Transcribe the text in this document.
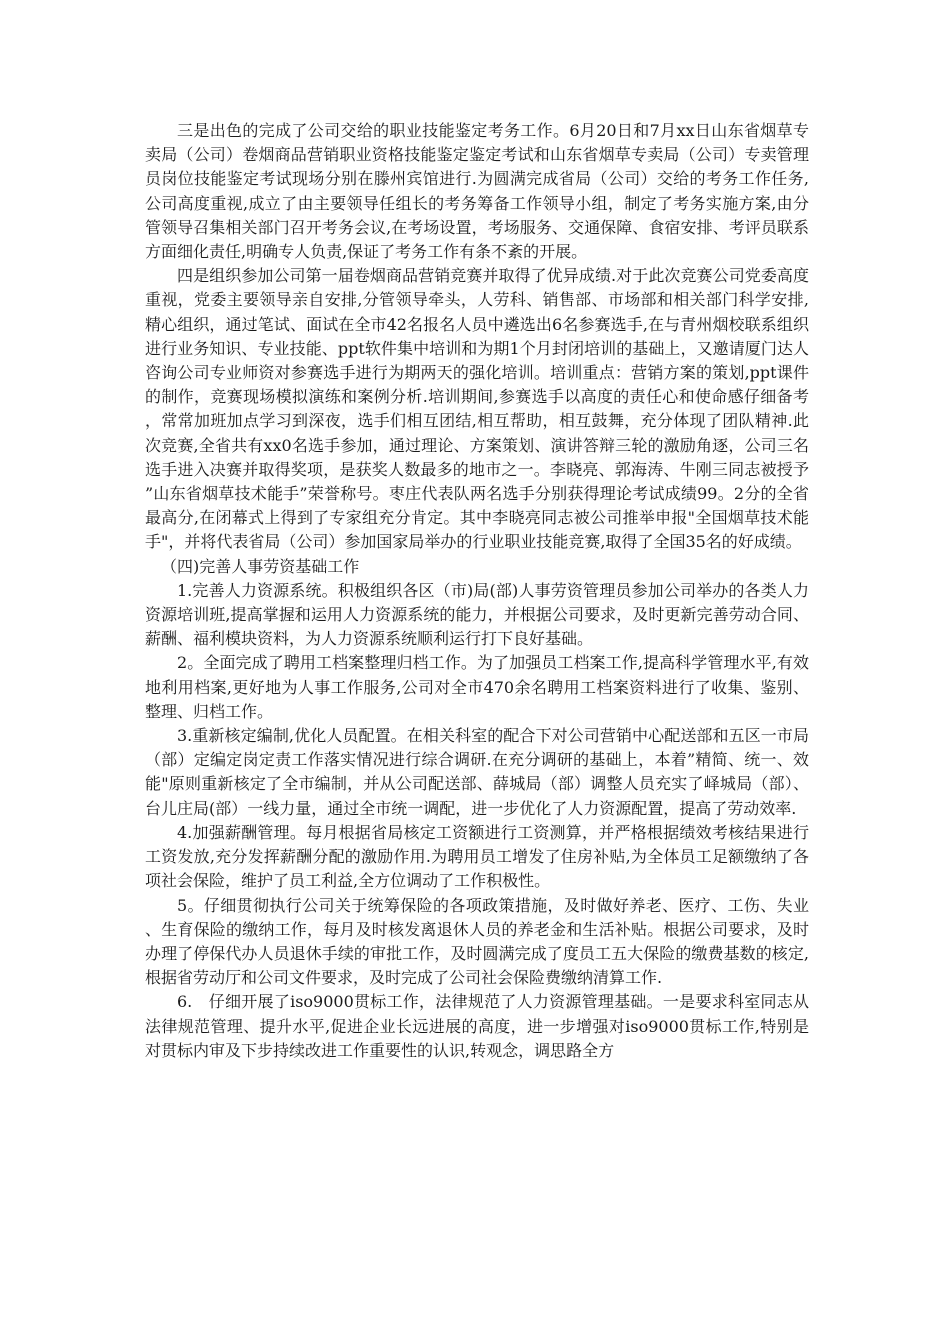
三是出色的完成了公司交给的职业技能鉴定考务工作。6月20日和7月xx日山东省烟草专卖局（公司）卷烟商品营销职业资格技能鉴定鉴定考试和山东省烟草专卖局（公司）专卖管理员岗位技能鉴定考试现场分别在滕州宾馆进行.为圆满完成省局（公司）交给的考务工作任务,公司高度重视,成立了由主要领导任组长的考务筹备工作领导小组，制定了考务实施方案,由分管领导召集相关部门召开考务会议,在考场设置，考场服务、交通保障、食宿安排、考评员联系方面细化责任,明确专人负责,保证了考务工作有条不紊的开展。

四是组织参加公司第一届卷烟商品营销竞赛并取得了优异成绩.对于此次竞赛公司党委高度重视，党委主要领导亲自安排,分管领导牵头，人劳科、销售部、市场部和相关部门科学安排,精心组织，通过笔试、面试在全市42名报名人员中遴选出6名参赛选手,在与青州烟校联系组织进行业务知识、专业技能、ppt软件集中培训和为期1个月封闭培训的基础上，又邀请厦门达人咨询公司专业师资对参赛选手进行为期两天的强化培训。培训重点：营销方案的策划,ppt课件的制作，竞赛现场模拟演练和案例分析.培训期间,参赛选手以高度的责任心和使命感仔细备考，常常加班加点学习到深夜，选手们相互团结,相互帮助，相互鼓舞，充分体现了团队精神.此次竞赛,全省共有xx0名选手参加，通过理论、方案策划、演讲答辩三轮的激励角逐，公司三名选手进入决赛并取得奖项，是获奖人数最多的地市之一。李晓亮、郭海涛、牛刚三同志被授予”山东省烟草技术能手”荣誉称号。枣庄代表队两名选手分别获得理论考试成绩99。2分的全省最高分,在闭幕式上得到了专家组充分肯定。其中李晓亮同志被公司推举申报"全国烟草技术能手"，并将代表省局（公司）参加国家局举办的行业职业技能竞赛,取得了全国35名的好成绩。

（四)完善人事劳资基础工作

1.完善人力资源系统。积极组织各区（市)局(部)人事劳资管理员参加公司举办的各类人力资源培训班,提高掌握和运用人力资源系统的能力，并根据公司要求，及时更新完善劳动合同、薪酬、福利模块资料，为人力资源系统顺利运行打下良好基础。

2。全面完成了聘用工档案整理归档工作。为了加强员工档案工作,提高科学管理水平,有效地利用档案,更好地为人事工作服务,公司对全市470余名聘用工档案资料进行了收集、鉴别、整理、归档工作。

3.重新核定编制,优化人员配置。在相关科室的配合下对公司营销中心配送部和五区一市局（部）定编定岗定责工作落实情况进行综合调研.在充分调研的基础上，本着”精简、统一、效能"原则重新核定了全市编制，并从公司配送部、薛城局（部）调整人员充实了峄城局（部）、台儿庄局(部）一线力量，通过全市统一调配，进一步优化了人力资源配置，提高了劳动效率.

4.加强薪酬管理。每月根据省局核定工资额进行工资测算，并严格根据绩效考核结果进行工资发放,充分发挥薪酬分配的激励作用.为聘用员工增发了住房补贴,为全体员工足额缴纳了各项社会保险，维护了员工利益,全方位调动了工作积极性。

5。仔细贯彻执行公司关于统筹保险的各项政策措施，及时做好养老、医疗、工伤、失业、生育保险的缴纳工作，每月及时核发离退休人员的养老金和生活补贴。根据公司要求，及时办理了停保代办人员退休手续的审批工作，及时圆满完成了度员工五大保险的缴费基数的核定,根据省劳动厅和公司文件要求，及时完成了公司社会保险费缴纳清算工作.

6.　仔细开展了iso9000贯标工作，法律规范了人力资源管理基础。一是要求科室同志从法律规范管理、提升水平,促进企业长远进展的高度，进一步增强对iso9000贯标工作,特别是对贯标内审及下步持续改进工作重要性的认识,转观念，调思路全方
